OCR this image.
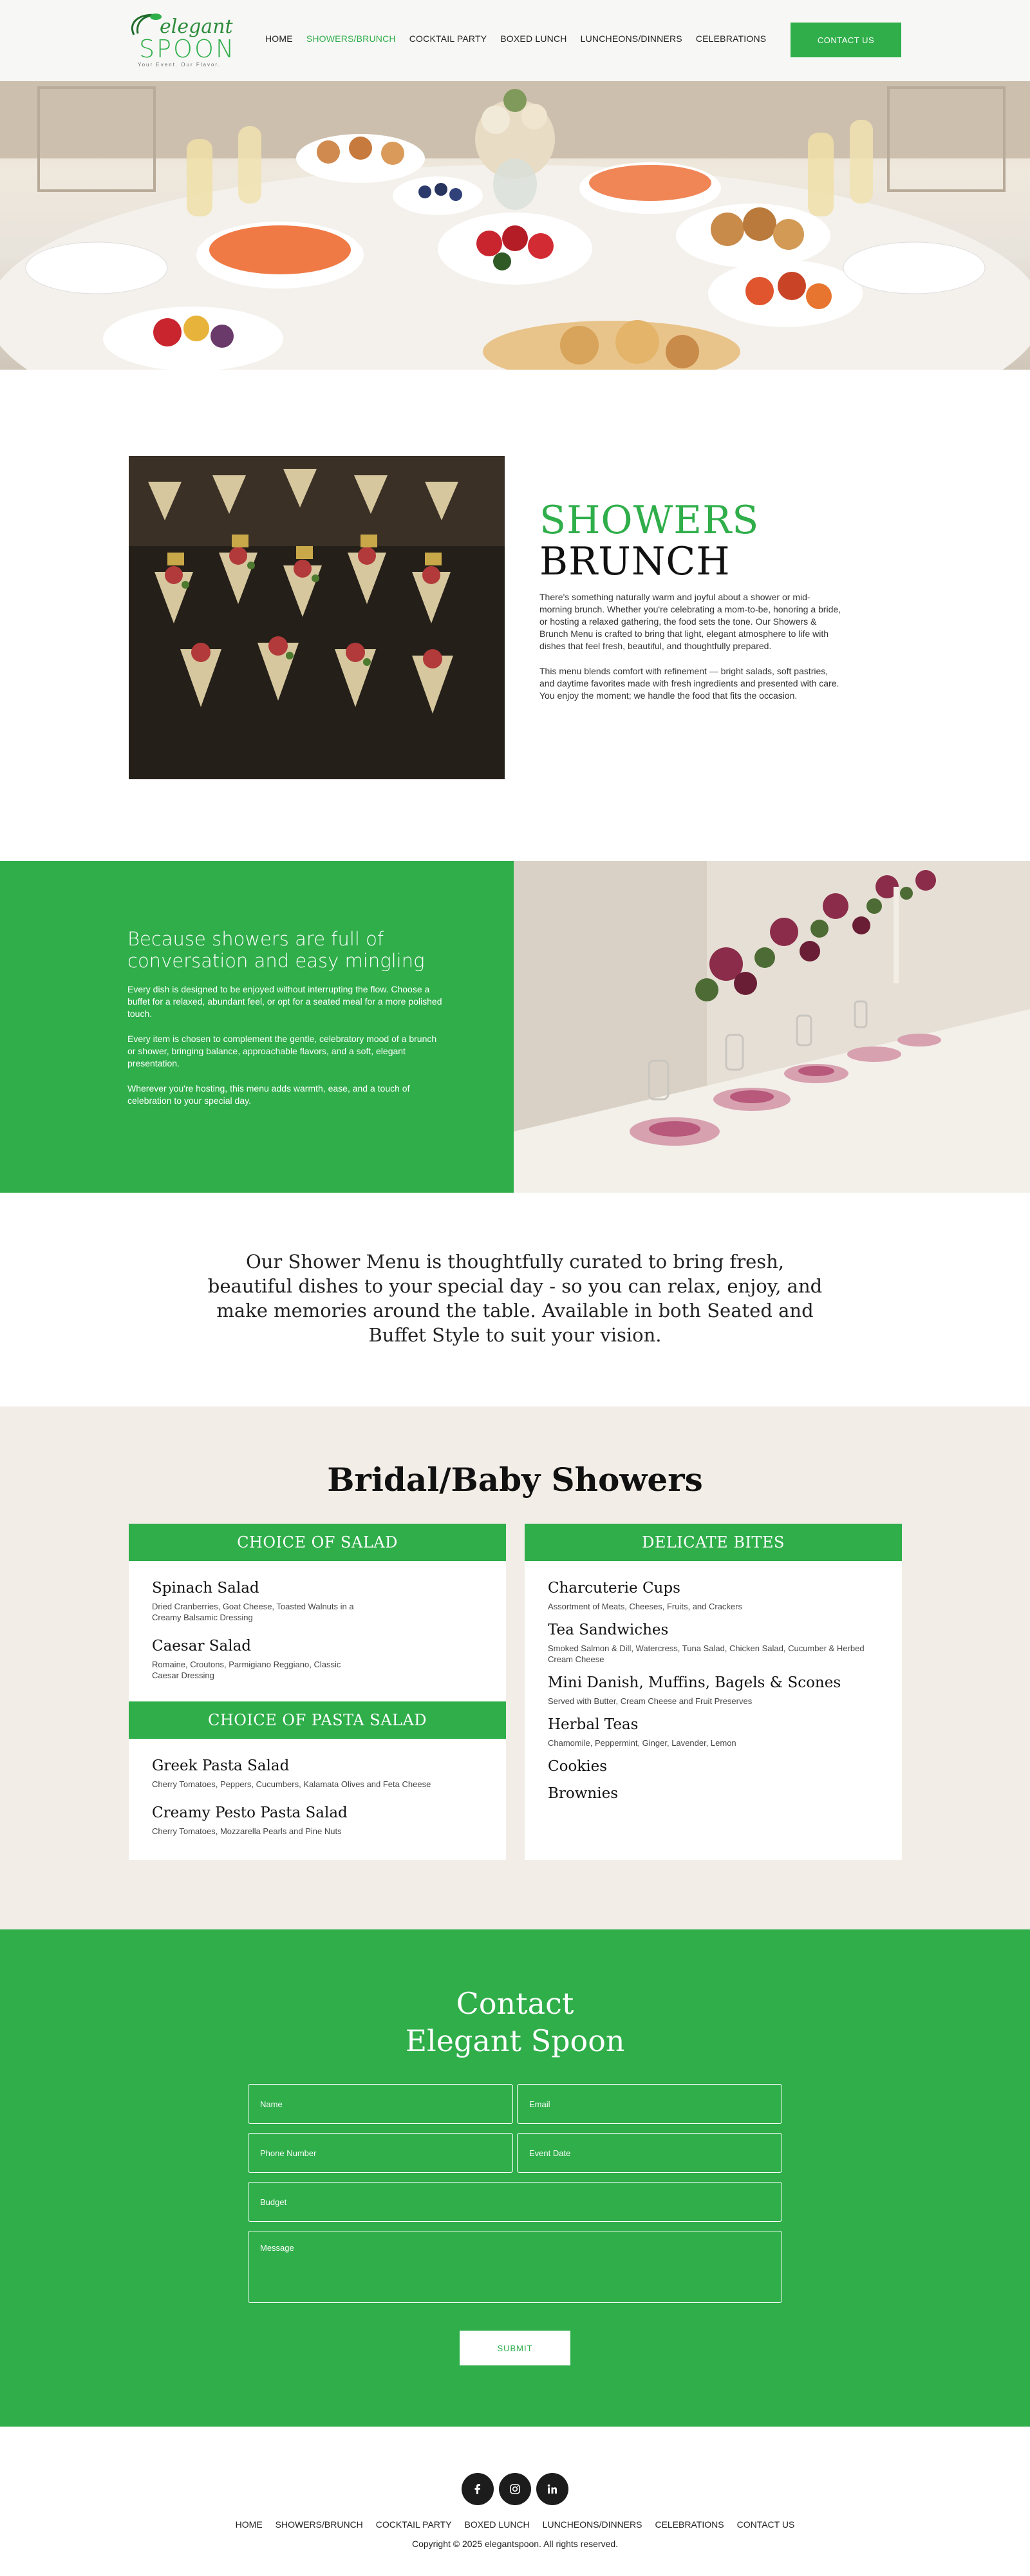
elegant
SPOON
Your Event. Our Flavor.
HOME SHOWERS/BRUNCH COCKTAIL PARTY BOXED LUNCH LUNCHEONS/DINNERS CELEBRATIONS	CONTACT US
SHOWERS
BRUNCH

There's something naturally warm and joyful about a shower or mid-morning brunch. Whether you're celebrating a mom-to-be, honoring a bride, or hosting a relaxed gathering, the food sets the tone. Our Showers & Brunch Menu is crafted to bring that light, elegant atmosphere to life with dishes that feel fresh, beautiful, and thoughtfully prepared.

This menu blends comfort with refinement — bright salads, soft pastries, and daytime favorites made with fresh ingredients and presented with care. You enjoy the moment; we handle the food that fits the occasion.

Because showers are full of conversation and easy mingling

Every dish is designed to be enjoyed without interrupting the flow. Choose a buffet for a relaxed, abundant feel, or opt for a seated meal for a more polished touch.

Every item is chosen to complement the gentle, celebratory mood of a brunch or shower, bringing balance, approachable flavors, and a soft, elegant presentation.

Wherever you're hosting, this menu adds warmth, ease, and a touch of celebration to your special day.

Our Shower Menu is thoughtfully curated to bring fresh, beautiful dishes to your special day - so you can relax, enjoy, and make memories around the table. Available in both Seated and Buffet Style to suit your vision.
Bridal/Baby Showers
CHOICE OF SALAD
Spinach Salad
Dried Cranberries, Goat Cheese, Toasted Walnuts in a Creamy Balsamic Dressing
Caesar Salad
Romaine, Croutons, Parmigiano Reggiano, Classic Caesar Dressing
CHOICE OF PASTA SALAD
Greek Pasta Salad
Cherry Tomatoes, Peppers, Cucumbers, Kalamata Olives and Feta Cheese
Creamy Pesto Pasta Salad
Cherry Tomatoes, Mozzarella Pearls and Pine Nuts
DELICATE BITES
Charcuterie Cups
Assortment of Meats, Cheeses, Fruits, and Crackers
Tea Sandwiches
Smoked Salmon & Dill, Watercress, Tuna Salad, Chicken Salad, Cucumber & Herbed Cream Cheese
Mini Danish, Muffins, Bagels & Scones
Served with Butter, Cream Cheese and Fruit Preserves
Herbal Teas
Chamomile, Peppermint, Ginger, Lavender, Lemon
Cookies
Brownies
Contact
Elegant Spoon
Name	Email
Phone Number	Event Date
Budget
Message
SUBMIT
HOME SHOWERS/BRUNCH COCKTAIL PARTY BOXED LUNCH LUNCHEONS/DINNERS CELEBRATIONS CONTACT US
Copyright © 2025 elegantspoon. All rights reserved.
